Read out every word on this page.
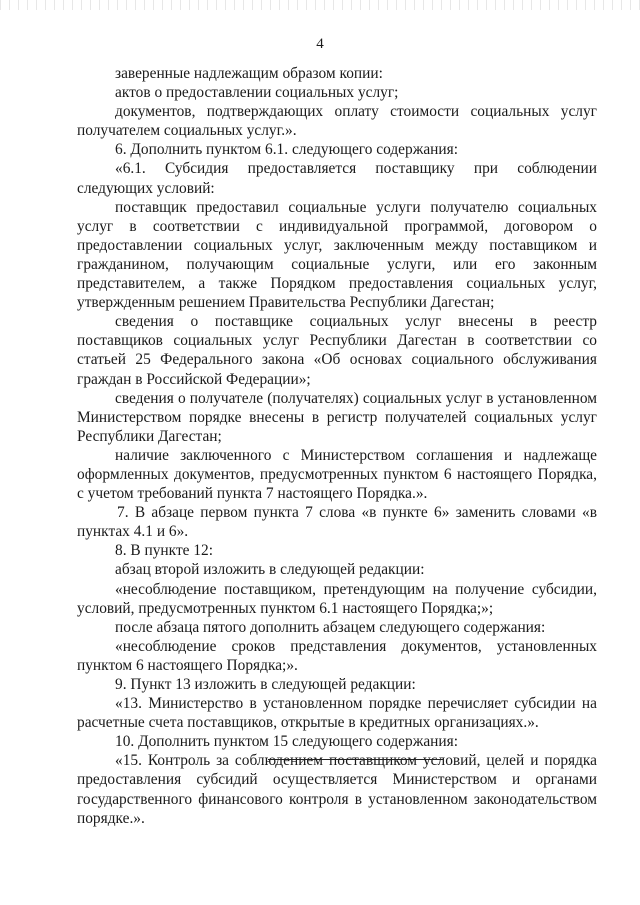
4

заверенные надлежащим образом копии:

актов о предоставлении социальных услуг;

документов, подтверждающих оплату стоимости социальных услуг получателем социальных услуг.».

6. Дополнить пунктом 6.1. следующего содержания:

«6.1. Субсидия предоставляется поставщику при соблюдении следующих условий:

поставщик предоставил социальные услуги получателю социальных услуг в соответствии с индивидуальной программой, договором о предоставлении социальных услуг, заключенным между поставщиком и гражданином, получающим социальные услуги, или его законным представителем, а также Порядком предоставления социальных услуг, утвержденным решением Правительства Республики Дагестан;

сведения о поставщике социальных услуг внесены в реестр поставщиков социальных услуг Республики Дагестан в соответствии со статьей 25 Федерального закона «Об основах социального обслуживания граждан в Российской Федерации»;

сведения о получателе (получателях) социальных услуг в установленном Министерством порядке внесены в регистр получателей социальных услуг Республики Дагестан;

наличие заключенного с Министерством соглашения и надлежаще оформленных документов, предусмотренных пунктом 6 настоящего Порядка, с учетом требований пункта 7 настоящего Порядка.».

7. В абзаце первом пункта 7 слова «в пункте 6» заменить словами «в пунктах 4.1 и 6».

8. В пункте 12:

абзац второй изложить в следующей редакции:

«несоблюдение поставщиком, претендующим на получение субсидии, условий, предусмотренных пунктом 6.1 настоящего Порядка;»;

после абзаца пятого дополнить абзацем следующего содержания:

«несоблюдение сроков представления документов, установленных пунктом 6 настоящего Порядка;».

9. Пункт 13 изложить в следующей редакции:

«13. Министерство в установленном порядке перечисляет субсидии на расчетные счета поставщиков, открытые в кредитных организациях.».

10. Дополнить пунктом 15 следующего содержания:

«15. Контроль за соблюдением поставщиком условий, целей и порядка предоставления субсидий осуществляется Министерством и органами государственного финансового контроля в установленном законодательством порядке.».
